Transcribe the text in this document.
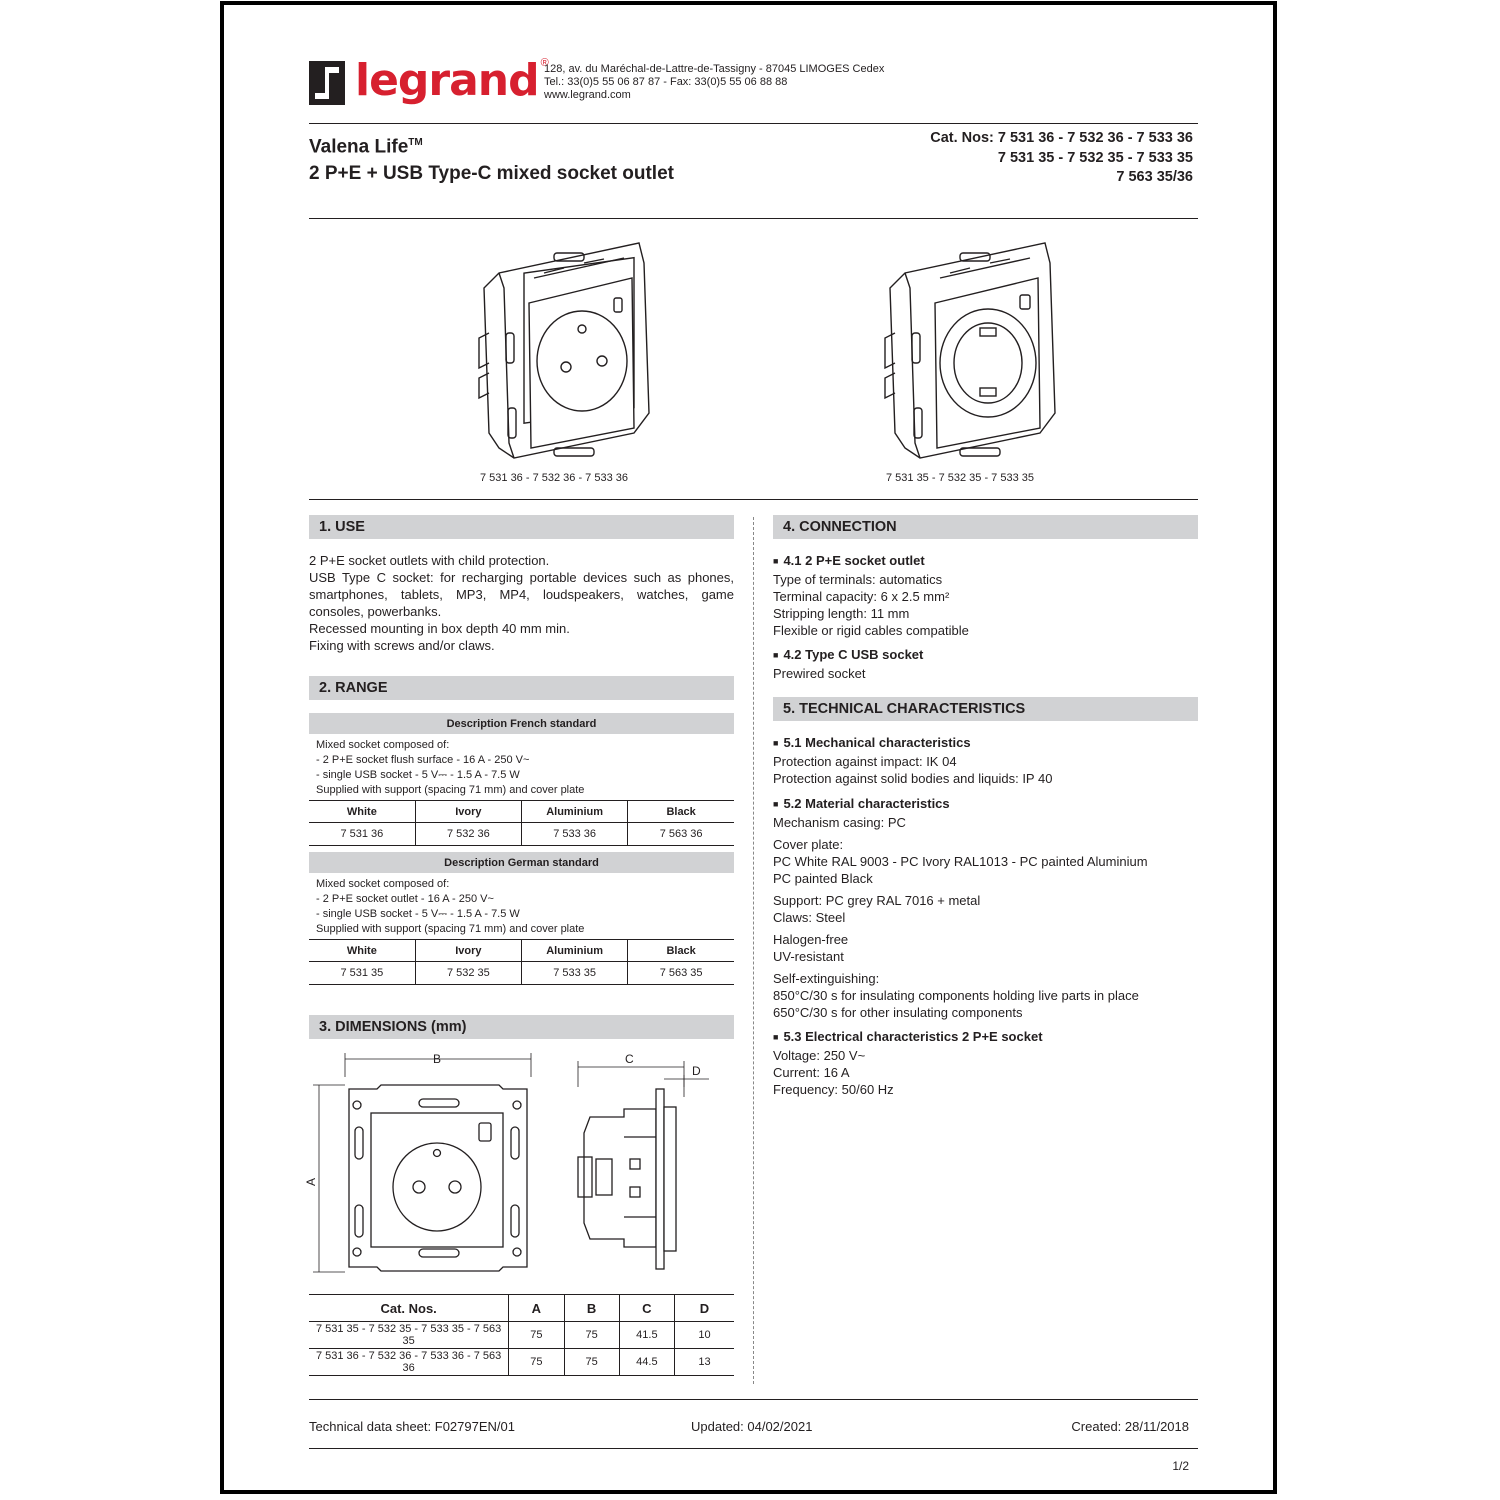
legrand ®
128, av. du Maréchal-de-Lattre-de-Tassigny - 87045 LIMOGES Cedex
Tel.: 33(0)5 55 06 87 87 - Fax: 33(0)5 55 06 88 88
www.legrand.com
Valena Life™
2 P+E + USB Type-C mixed socket outlet
Cat. Nos: 7 531 36 - 7 532 36 - 7 533 36
7 531 35 - 7 532 35 - 7 533 35
7 563 35/36
7 531 36 - 7 532 36 - 7 533 36	7 531 35 - 7 532 35 - 7 533 35
1. USE
2 P+E socket outlets with child protection.
USB Type C socket: for recharging portable devices such as phones, smartphones, tablets, MP3, MP4, loudspeakers, watches, game consoles, powerbanks.
Recessed mounting in box depth 40 mm min.
Fixing with screws and/or claws.
2. RANGE
Description French standard			

Mixed socket composed of:
- 2 P+E socket flush surface - 16 A - 250 V~
- single USB socket - 5 V⎓ - 1.5 A - 7.5 W
Supplied with support (spacing 71 mm) and cover plate			

White	Ivory	Aluminium	Black
7 531 36	7 532 36	7 533 36	7 563 36
Description German standard			

Mixed socket composed of:
- 2 P+E socket outlet - 16 A - 250 V~
- single USB socket - 5 V⎓ - 1.5 A - 7.5 W
Supplied with support (spacing 71 mm) and cover plate			

White	Ivory	Aluminium	Black
7 531 35	7 532 35	7 533 35	7 563 35
3. DIMENSIONS (mm)
B
A
C
D
Cat. Nos.	A	B	C	D
7 531 35 - 7 532 35 - 7 533 35 - 7 563 35	75	75	41.5	10
7 531 36 - 7 532 36 - 7 533 36 - 7 563 36	75	75	44.5	13
4. CONNECTION
■ 4.1 2 P+E socket outlet
Type of terminals: automatics
Terminal capacity: 6 x 2.5 mm²
Stripping length: 11 mm
Flexible or rigid cables compatible
■ 4.2 Type C USB socket
Prewired socket
5. TECHNICAL CHARACTERISTICS
■ 5.1 Mechanical characteristics
Protection against impact: IK 04
Protection against solid bodies and liquids: IP 40
■ 5.2 Material characteristics
Mechanism casing: PC
Cover plate:
PC White RAL 9003 - PC Ivory RAL1013 - PC painted Aluminium
PC painted Black
Support: PC grey RAL 7016 + metal
Claws: Steel
Halogen-free
UV-resistant
Self-extinguishing:
850°C/30 s for insulating components holding live parts in place
650°C/30 s for other insulating components
■ 5.3 Electrical characteristics 2 P+E socket
Voltage: 250 V~
Current: 16 A
Frequency: 50/60 Hz
Technical data sheet: F02797EN/01	Updated: 04/02/2021	Created: 28/11/2018
1/2
